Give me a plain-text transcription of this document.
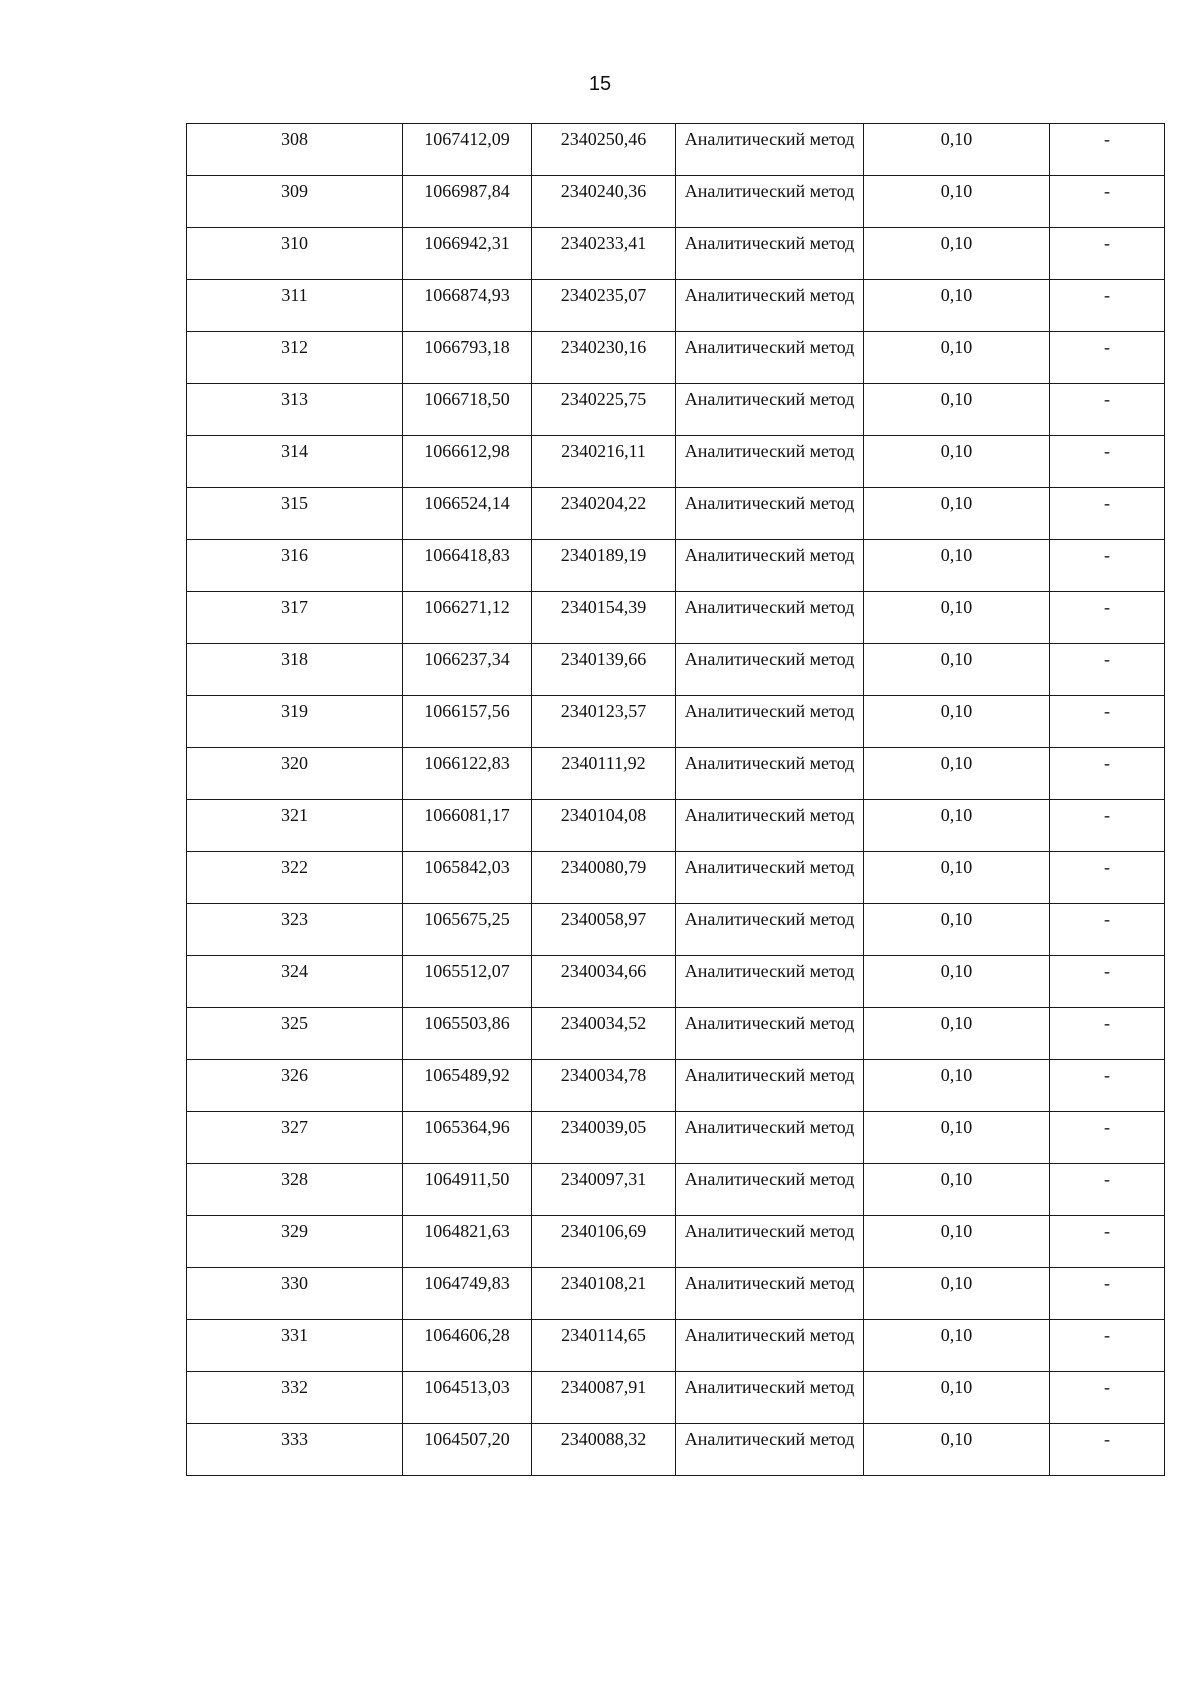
15
308	1067412,09	2340250,46	Аналитический метод	0,10	-

309	1066987,84	2340240,36	Аналитический метод	0,10	-

310	1066942,31	2340233,41	Аналитический метод	0,10	-

311	1066874,93	2340235,07	Аналитический метод	0,10	-

312	1066793,18	2340230,16	Аналитический метод	0,10	-

313	1066718,50	2340225,75	Аналитический метод	0,10	-

314	1066612,98	2340216,11	Аналитический метод	0,10	-

315	1066524,14	2340204,22	Аналитический метод	0,10	-

316	1066418,83	2340189,19	Аналитический метод	0,10	-

317	1066271,12	2340154,39	Аналитический метод	0,10	-

318	1066237,34	2340139,66	Аналитический метод	0,10	-

319	1066157,56	2340123,57	Аналитический метод	0,10	-

320	1066122,83	2340111,92	Аналитический метод	0,10	-

321	1066081,17	2340104,08	Аналитический метод	0,10	-

322	1065842,03	2340080,79	Аналитический метод	0,10	-

323	1065675,25	2340058,97	Аналитический метод	0,10	-

324	1065512,07	2340034,66	Аналитический метод	0,10	-

325	1065503,86	2340034,52	Аналитический метод	0,10	-

326	1065489,92	2340034,78	Аналитический метод	0,10	-

327	1065364,96	2340039,05	Аналитический метод	0,10	-

328	1064911,50	2340097,31	Аналитический метод	0,10	-

329	1064821,63	2340106,69	Аналитический метод	0,10	-

330	1064749,83	2340108,21	Аналитический метод	0,10	-

331	1064606,28	2340114,65	Аналитический метод	0,10	-

332	1064513,03	2340087,91	Аналитический метод	0,10	-

333	1064507,20	2340088,32	Аналитический метод	0,10	-
